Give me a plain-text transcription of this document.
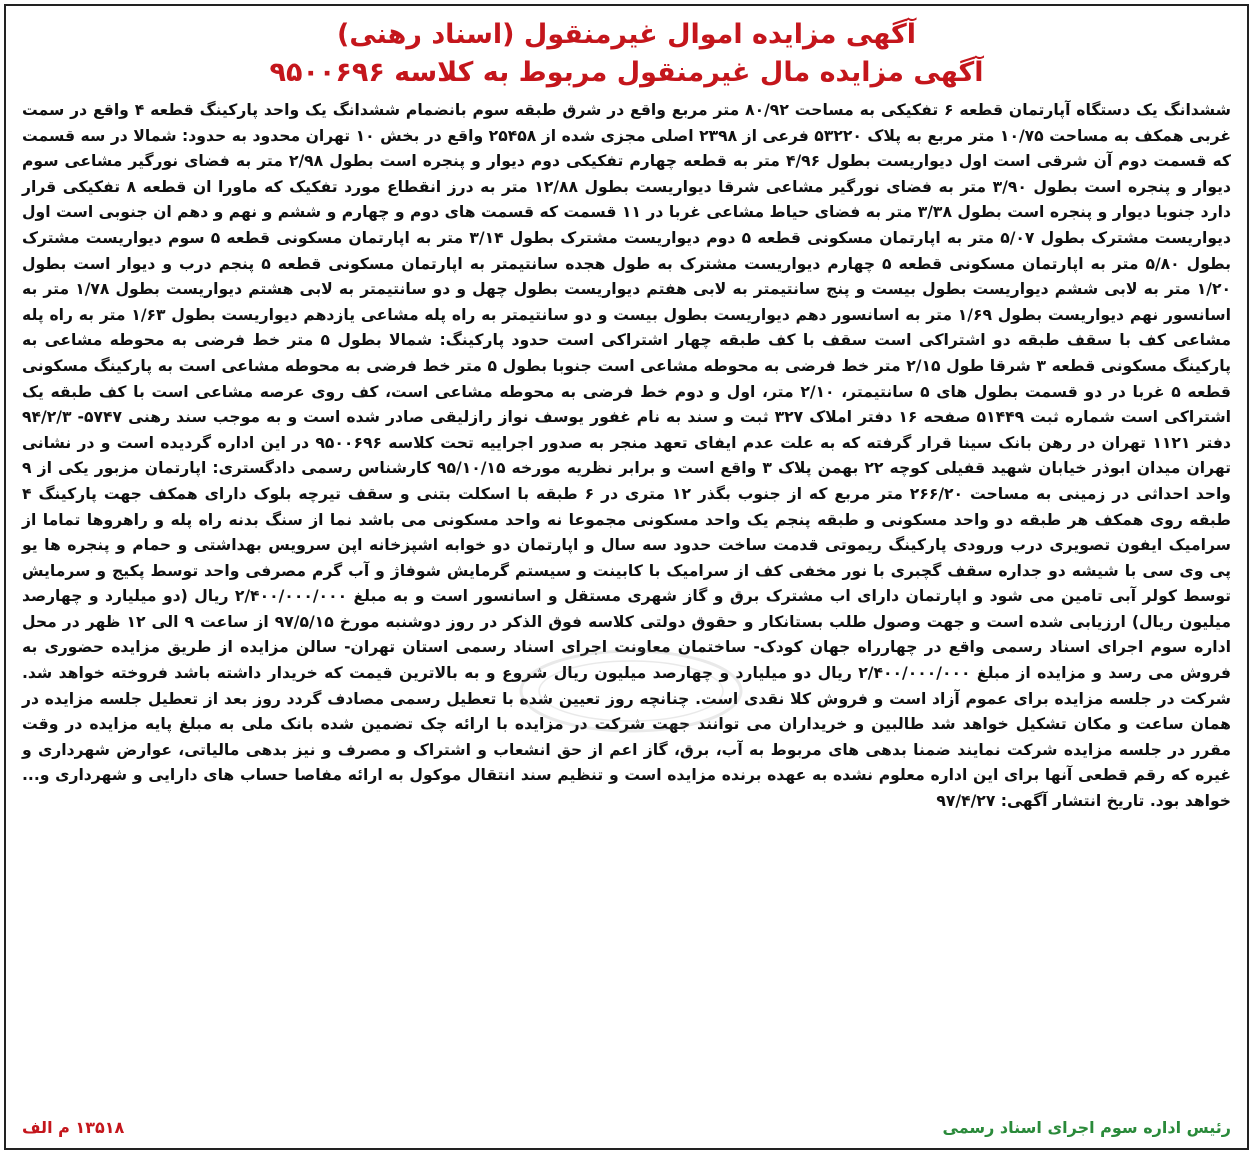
آگهی مزایده اموال غیرمنقول (اسناد رهنی)
آگهی مزایده مال غیرمنقول مربوط به کلاسه ۹۵۰۰۶۹۶

ششدانگ یک دستگاه آپارتمان قطعه ۶ تفکیکی به مساحت ۸۰/۹۲ متر مربع واقع در شرق طبقه سوم بانضمام ششدانگ یک واحد پارکینگ قطعه ۴ واقع در سمت غربی همکف به مساحت ۱۰/۷۵ متر مربع به پلاک ۵۳۲۲۰ فرعی از ۲۳۹۸ اصلی مجزی شده از ۲۵۴۵۸ واقع در بخش ۱۰ تهران محدود به حدود: شمالا در سه قسمت که قسمت دوم آن شرقی است اول دیواریست بطول ۴/۹۶ متر به قطعه چهارم تفکیکی دوم دیوار و پنجره است بطول ۲/۹۸ متر به فضای نورگیر مشاعی سوم دیوار و پنجره است بطول ۳/۹۰ متر به فضای نورگیر مشاعی شرقا دیواریست بطول ۱۲/۸۸ متر به درز انقطاع مورد تفکیک که ماورا ان قطعه ۸ تفکیکی قرار دارد جنوبا دیوار و پنجره است بطول ۳/۳۸ متر به فضای حیاط مشاعی غربا در ۱۱ قسمت که قسمت های دوم و چهارم و ششم و نهم و دهم ان جنوبی است اول دیواریست مشترک بطول ۵/۰۷ متر به اپارتمان مسکونی قطعه ۵ دوم دیواریست مشترک بطول ۳/۱۴ متر به اپارتمان مسکونی قطعه ۵ سوم دیواریست مشترک بطول ۵/۸۰ متر به اپارتمان مسکونی قطعه ۵ چهارم دیواریست مشترک به طول هجده سانتیمتر به اپارتمان مسکونی قطعه ۵ پنجم درب و دیوار است بطول ۱/۲۰ متر به لابی ششم دیواریست بطول بیست و پنج سانتیمتر به لابی هفتم دیواریست بطول چهل و دو سانتیمتر به لابی هشتم دیواریست بطول ۱/۷۸ متر به اسانسور نهم دیواریست بطول ۱/۶۹ متر به اسانسور دهم دیواریست بطول بیست و دو سانتیمتر به راه پله مشاعی یازدهم دیواریست بطول ۱/۶۳ متر به راه پله مشاعی کف با سقف طبقه دو اشتراکی است سقف با کف طبقه چهار اشتراکی است حدود پارکینگ: شمالا بطول ۵ متر خط فرضی به محوطه مشاعی به پارکینگ مسکونی قطعه ۳ شرقا طول ۲/۱۵ متر خط فرضی به محوطه مشاعی است جنوبا بطول ۵ متر خط فرضی به محوطه مشاعی است به پارکینگ مسکونی قطعه ۵ غربا در دو قسمت بطول های ۵ سانتیمتر، ۲/۱۰ متر، اول و دوم خط فرضی به محوطه مشاعی است، کف روی عرصه مشاعی است با کف طبقه یک اشتراکی است شماره ثبت ۵۱۴۴۹ صفحه ۱۶ دفتر املاک ۳۲۷ ثبت و سند به نام غفور یوسف نواز رازلیقی صادر شده است و به موجب سند رهنی ۵۷۴۷- ۹۴/۲/۳ دفتر ۱۱۲۱ تهران در رهن بانک سینا قرار گرفته که به علت عدم ایفای تعهد منجر به صدور اجراییه تحت کلاسه ۹۵۰۰۶۹۶ در این اداره گردیده است و در نشانی تهران میدان ابوذر خیابان شهید قفیلی کوچه ۲۲ بهمن پلاک ۳ واقع است و برابر نظریه مورخه ۹۵/۱۰/۱۵ کارشناس رسمی دادگستری: اپارتمان مزبور یکی از ۹ واحد احداثی در زمینی به مساحت ۲۶۶/۲۰ متر مربع که از جنوب بگذر ۱۲ متری در ۶ طبقه با اسکلت بتنی و سقف تیرچه بلوک دارای همکف جهت پارکینگ ۴ طبقه روی همکف هر طبقه دو واحد مسکونی و طبقه پنجم یک واحد مسکونی مجموعا نه واحد مسکونی می باشد نما از سنگ بدنه راه پله و راهروها تماما از سرامیک ایفون تصویری درب ورودی پارکینگ ریموتی قدمت ساخت حدود سه سال و اپارتمان دو خوابه اشپزخانه اپن سرویس بهداشتی و حمام و پنجره ها یو پی وی سی با شیشه دو جداره سقف گچبری با نور مخفی کف از سرامیک با کابینت و سیستم گرمایش شوفاژ و آب گرم مصرفی واحد توسط پکیج و سرمایش توسط کولر آبی تامین می شود و اپارتمان دارای اب مشترک برق و گاز شهری مستقل و اسانسور است و به مبلغ ۲/۴۰۰/۰۰۰/۰۰۰ ریال (دو میلیارد و چهارصد میلیون ریال) ارزیابی شده است و جهت وصول طلب بستانکار و حقوق دولتی کلاسه فوق الذکر در روز دوشنبه مورخ ۹۷/۵/۱۵ از ساعت ۹ الی ۱۲ ظهر در محل اداره سوم اجرای اسناد رسمی واقع در چهارراه جهان کودک- ساختمان معاونت اجرای اسناد رسمی استان تهران- سالن مزایده از طریق مزایده حضوری به فروش می رسد و مزایده از مبلغ ۲/۴۰۰/۰۰۰/۰۰۰ ریال دو میلیارد و چهارصد میلیون ریال شروع و به بالاترین قیمت که خریدار داشته باشد فروخته خواهد شد. شرکت در جلسه مزایده برای عموم آزاد است و فروش کلا نقدی است. چنانچه روز تعیین شده با تعطیل رسمی مصادف گردد روز بعد از تعطیل جلسه مزایده در همان ساعت و مکان تشکیل خواهد شد طالبین و خریداران می توانند جهت شرکت در مزایده با ارائه چک تضمین شده بانک ملی به مبلغ پایه مزایده در وقت مقرر در جلسه مزایده شرکت نمایند ضمنا بدهی های مربوط به آب، برق، گاز اعم از حق انشعاب و اشتراک و مصرف و نیز بدهی مالیاتی، عوارض شهرداری و غیره که رقم قطعی آنها برای این اداره معلوم نشده به عهده برنده مزایده است و تنظیم سند انتقال موکول به ارائه مفاصا حساب های دارایی و شهرداری و... خواهد بود. تاریخ انتشار آگهی: ۹۷/۴/۲۷

رئیس اداره سوم اجرای اسناد رسمی
۱۳۵۱۸ م الف
